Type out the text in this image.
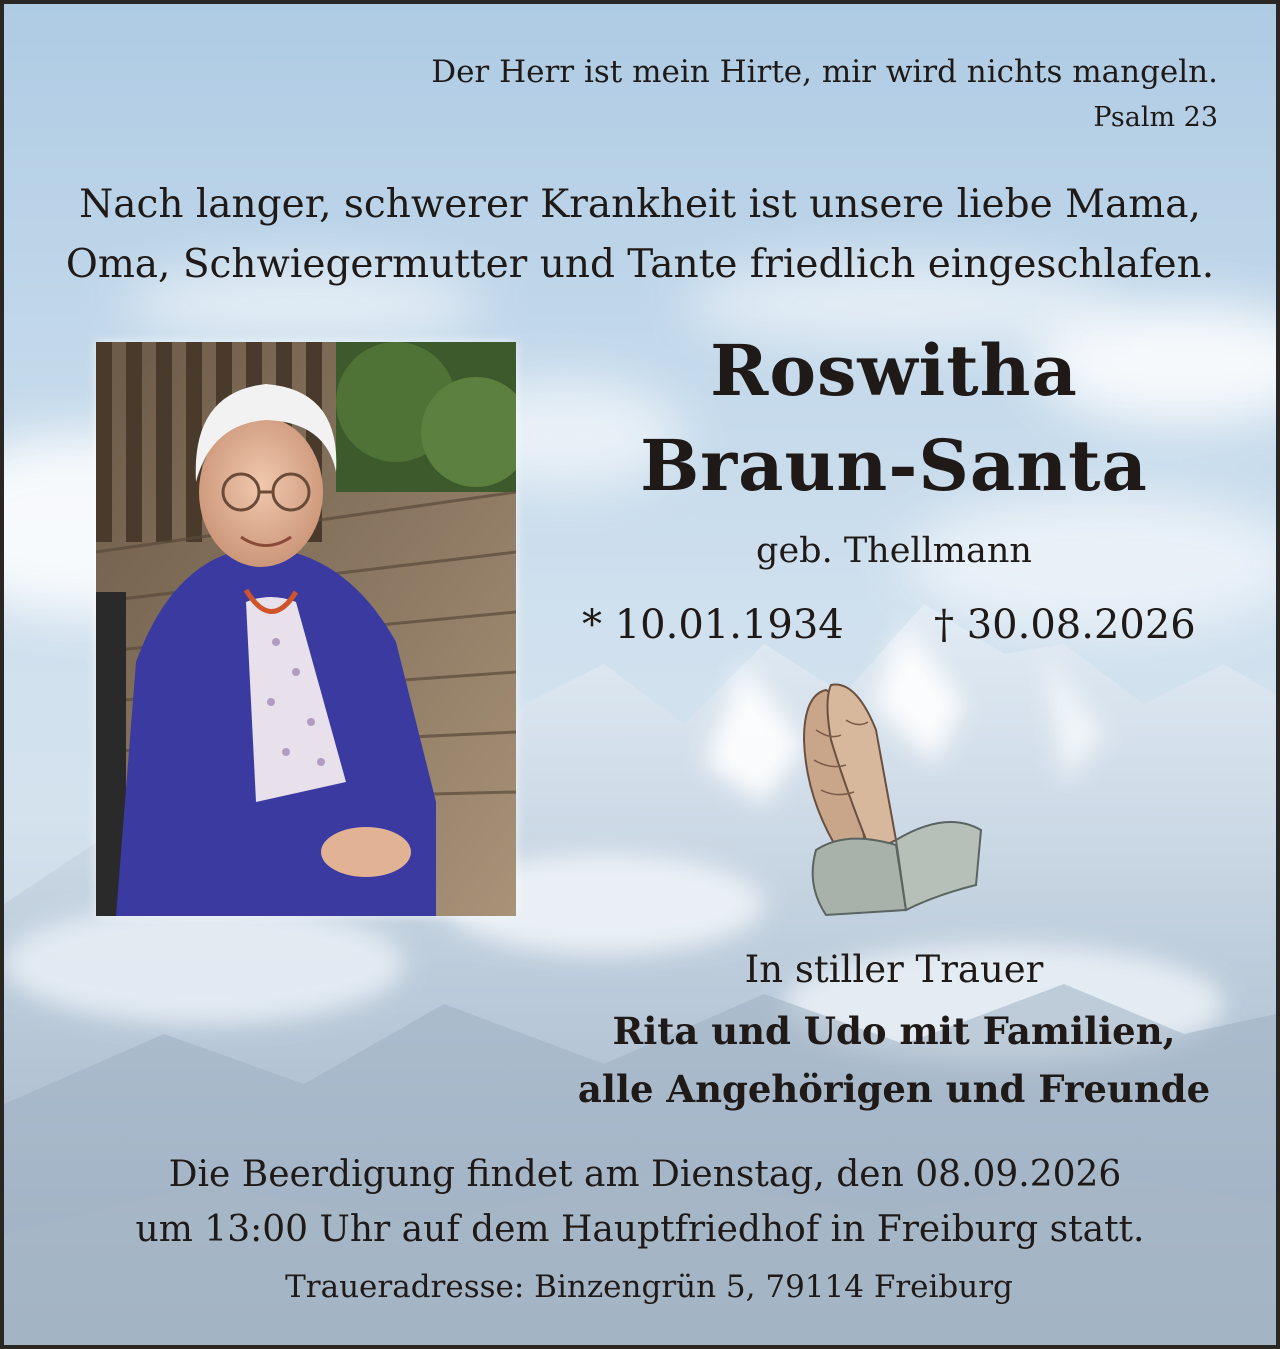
Der Herr ist mein Hirte, mir wird nichts mangeln.
Psalm 23
Nach langer, schwerer Krankheit ist unsere liebe Mama,
Oma, Schwiegermutter und Tante friedlich eingeschlafen.
Roswitha
Braun-Santa
geb. Thellmann
* 10.01.1934 † 30.08.2026
In stiller Trauer
Rita und Udo mit Familien,
alle Angehörigen und Freunde
Die Beerdigung findet am Dienstag, den 08.09.2026
um 13:00 Uhr auf dem Hauptfriedhof in Freiburg statt.
Traueradresse: Binzengrün 5, 79114 Freiburg
